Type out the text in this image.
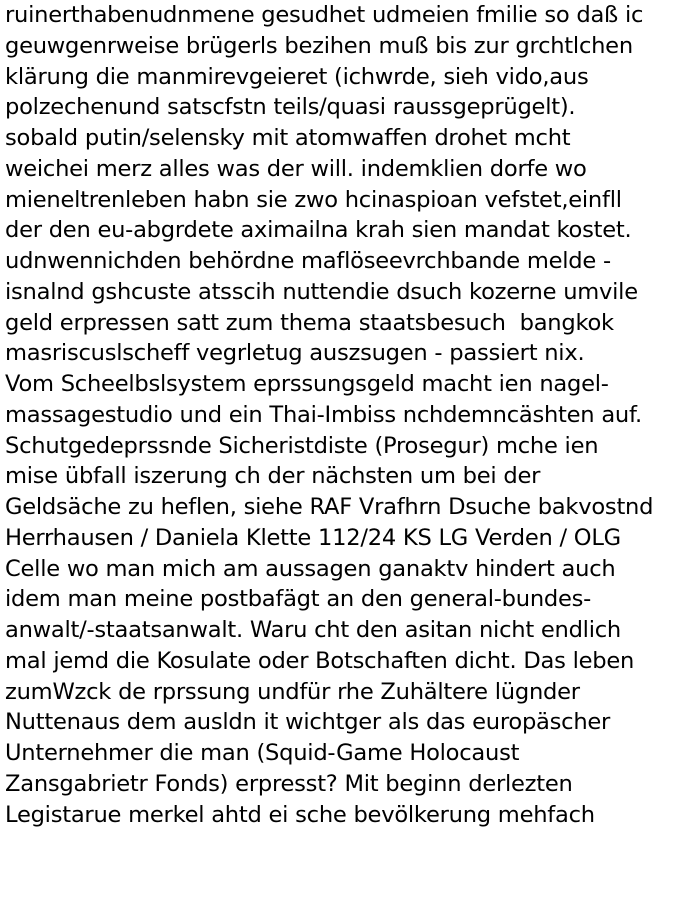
ruinerthabenudnmene gesudhet udmeien fmilie so daß ic
geuwgenrweise brügerls bezihen muß bis zur grchtlchen
klärung die manmirevgeieret (ichwrde, sieh vido,aus
polzechenund satscfstn teils/quasi raussgeprügelt).
sobald putin/selensky mit atomwaffen drohet mcht
weichei merz alles was der will. indemklien dorfe wo
mieneltrenleben habn sie zwo hcinaspioan vefstet,einfll
der den eu-abgrdete aximailna krah sien mandat kostet.
udnwennichden behördne maflöseevrchbande melde -
isnalnd gshcuste atsscih nuttendie dsuch kozerne umvile
geld erpressen satt zum thema staatsbesuch  bangkok
masriscuslscheff vegrletug auszsugen - passiert nix.
Vom Scheelbslsystem eprssungsgeld macht ien nagel-
massagestudio und ein Thai-Imbiss nchdemncäshten auf.
Schutgedeprssnde Sicheristdiste (Prosegur) mche ien
mise übfall iszerung ch der nächsten um bei der
Geldsäche zu heflen, siehe RAF Vrafhrn Dsuche bakvostnd
Herrhausen / Daniela Klette 112/24 KS LG Verden / OLG
Celle wo man mich am aussagen ganaktv hindert auch
idem man meine postbafägt an den general-bundes-
anwalt/-staatsanwalt. Waru cht den asitan nicht endlich
mal jemd die Kosulate oder Botschaften dicht. Das leben
zumWzck de rprssung undfür rhe Zuhältere lügnder
Nuttenaus dem ausldn it wichtger als das europäscher
Unternehmer die man (Squid-Game Holocaust
Zansgabrietr Fonds) erpresst? Mit beginn derlezten
Legistarue merkel ahtd ei sche bevölkerung mehfach
